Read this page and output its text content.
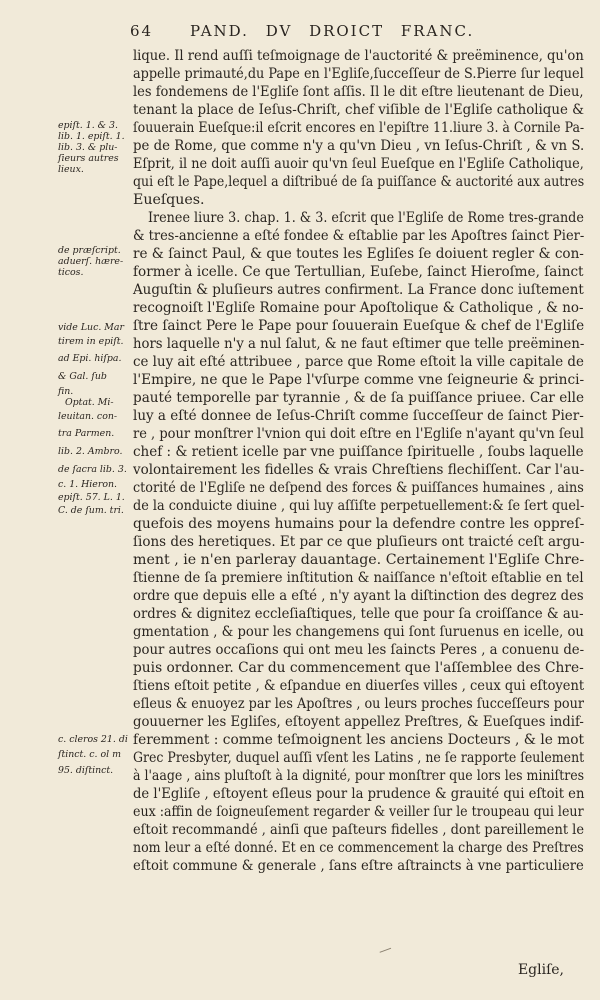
64 PAND. DV DROICT FRANC.
lique. Il rend auſſi teſmoignage de l'auctorité & preëminence, qu'on
appelle primauté,du Pape en l'Egliſe,ſucceſſeur de S.Pierre ſur lequel
les fondemens de l'Egliſe ſont aſſis. Il le dit eſtre lieutenant de Dieu,
tenant la place de Ieſus-Chriſt, chef viſible de l'Egliſe catholique &
ſouuerain Eueſque:il eſcrit encores en l'epiſtre 11.liure 3. à Cornile Pa-
pe de Rome, que comme n'y a qu'vn Dieu , vn Ieſus-Chriſt , & vn S.
Eſprit, il ne doit auſſi auoir qu'vn ſeul Eueſque en l'Egliſe Catholique,
qui eſt le Pape,lequel a diſtribué de ſa puiſſance & auctorité aux autres
Eueſques.
Irenee liure 3. chap. 1. & 3. eſcrit que l'Egliſe de Rome tres-grande
& tres-ancienne a eſté fondee & eſtablie par les Apoſtres ſainct Pier-
re & ſainct Paul, & que toutes les Egliſes ſe doiuent regler & con-
former à icelle. Ce que Tertullian, Euſebe, ſainct Hieroſme, ſainct
Auguſtin & pluſieurs autres confirment. La France donc iuſtement
recognoiſt l'Egliſe Romaine pour Apoſtolique & Catholique , & no-
ſtre ſainct Pere le Pape pour ſouuerain Eueſque & chef de l'Egliſe
hors laquelle n'y a nul ſalut, & ne faut eſtimer que telle preëminen-
ce luy ait eſté attribuee , parce que Rome eſtoit la ville capitale de
l'Empire, ne que le Pape l'vſurpe comme vne ſeigneurie & princi-
pauté temporelle par tyrannie , & de ſa puiſſance priuee. Car elle
luy a eſté donnee de Ieſus-Chriſt comme ſucceſſeur de ſainct Pier-
re , pour monſtrer l'vnion qui doit eſtre en l'Egliſe n'ayant qu'vn ſeul
chef : & retient icelle par vne puiſſance ſpirituelle , ſoubs laquelle
volontairement les fidelles & vrais Chreſtiens flechiſſent. Car l'au-
ctorité de l'Egliſe ne deſpend des forces & puiſſances humaines , ains
de la conduicte diuine , qui luy aſſiſte perpetuellement:& ſe ſert quel-
quefois des moyens humains pour la defendre contre les oppreſ-
ſions des heretiques. Et par ce que pluſieurs ont traicté ceſt argu-
ment , ie n'en parleray dauantage. Certainement l'Egliſe Chre-
ſtienne de ſa premiere inſtitution & naiſſance n'eſtoit eſtablie en tel
ordre que depuis elle a eſté , n'y ayant la diſtinction des degrez des
ordres & dignitez eccleſiaſtiques, telle que pour ſa croiſſance & au-
gmentation , & pour les changemens qui ſont ſuruenus en icelle, ou
pour autres occaſions qui ont meu les ſaincts Peres , a conuenu de-
puis ordonner. Car du commencement que l'aſſemblee des Chre-
ſtiens eſtoit petite , & eſpandue en diuerſes villes , ceux qui eſtoyent
eſleus & enuoyez par les Apoſtres , ou leurs proches ſucceſſeurs pour
gouuerner les Egliſes, eſtoyent appellez Preſtres, & Eueſques indif-
feremment : comme teſmoignent les anciens Docteurs , & le mot
Grec Presbyter, duquel auſſi vſent les Latins , ne ſe rapporte ſeulement
à l'aage , ains pluſtoſt à la dignité, pour monſtrer que lors les miniſtres
de l'Egliſe , eſtoyent eſleus pour la prudence & grauité qui eſtoit en
eux :affin de ſoigneuſement regarder & veiller ſur le troupeau qui leur
eſtoit recommandé , ainſi que paſteurs fidelles , dont pareillement le
nom leur a eſté donné. Et en ce commencement la charge des Preſtres
eſtoit commune & generale , ſans eſtre aſtraincts à vne particuliere
epiſt. 1. & 3.
lib. 1. epiſt. 1.
lib. 3. & plu-
ſieurs autres
lieux.
de præſcript.
aduerſ. hære-
ticos.
vide Luc. Mar
tirem in epiſt.
ad Epi. hiſpa.
& Gal. ſub
fin.
Optat. Mi-
leuitan. con-
tra Parmen.
lib. 2. Ambro.
de ſacra lib. 3.
c. 1. Hieron.
epiſt. 57. L. 1.
C. de ſum. tri.
c. cleros 21. di
ſtinct. c. ol m
95. diſtinct.
Egliſe,
